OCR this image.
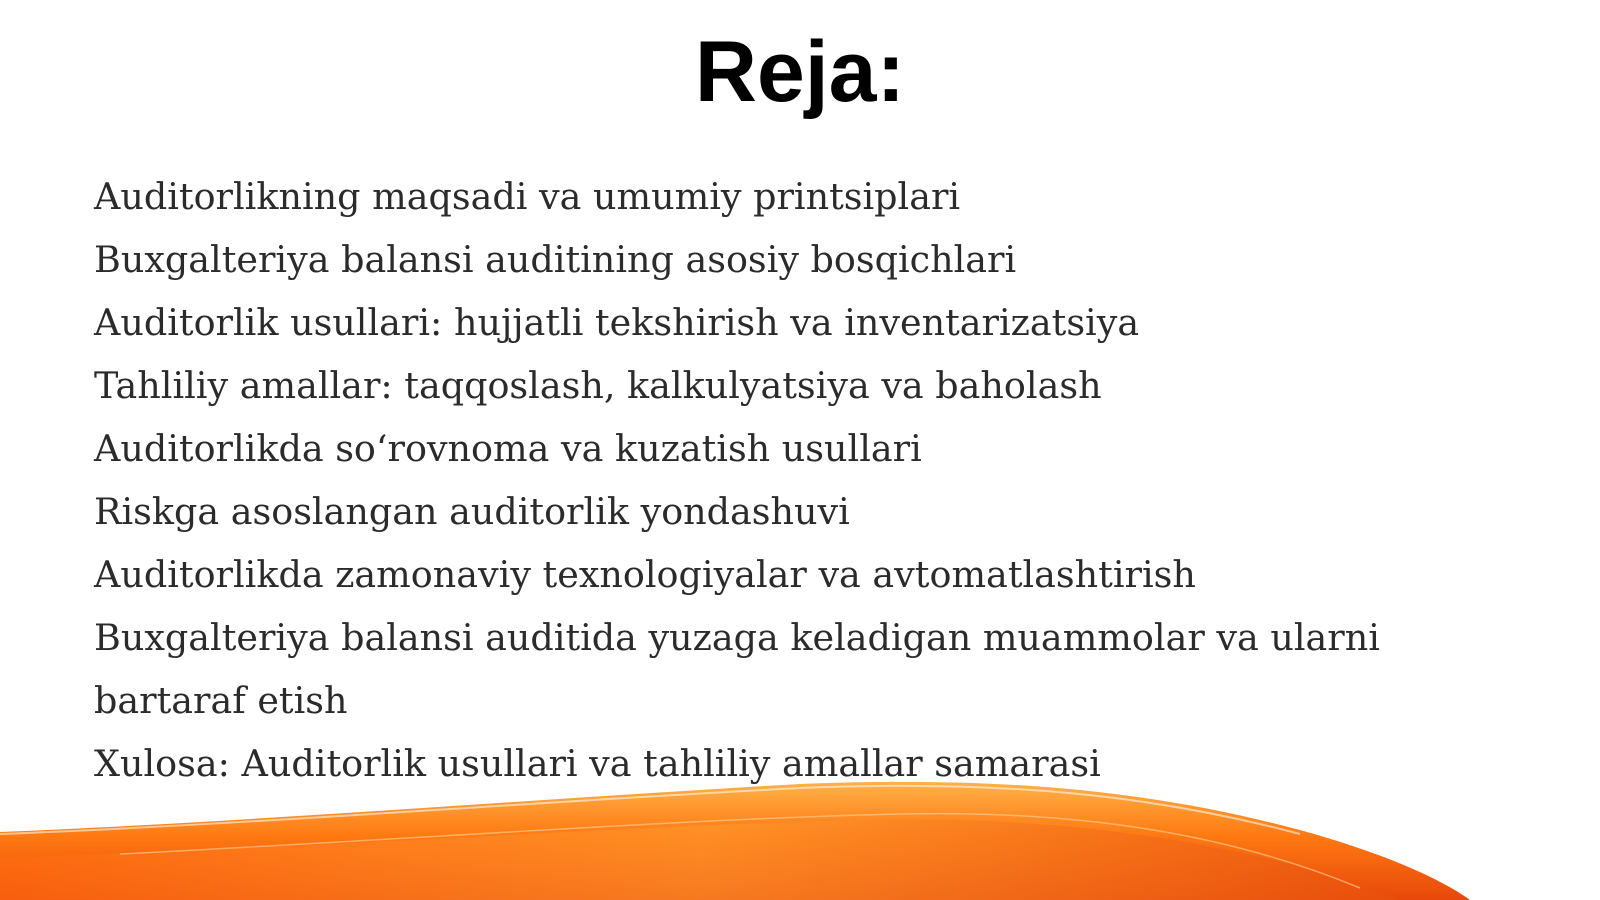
Reja:
Auditorlikning maqsadi va umumiy printsiplari
Buxgalteriya balansi auditining asosiy bosqichlari
Auditorlik usullari: hujjatli tekshirish va inventarizatsiya
Tahliliy amallar: taqqoslash, kalkulyatsiya va baholash
Auditorlikda so‘rovnoma va kuzatish usullari
Riskga asoslangan auditorlik yondashuvi
Auditorlikda zamonaviy texnologiyalar va avtomatlashtirish
Buxgalteriya balansi auditida yuzaga keladigan muammolar va ularni bartaraf etish
Xulosa: Auditorlik usullari va tahliliy amallar samarasi
